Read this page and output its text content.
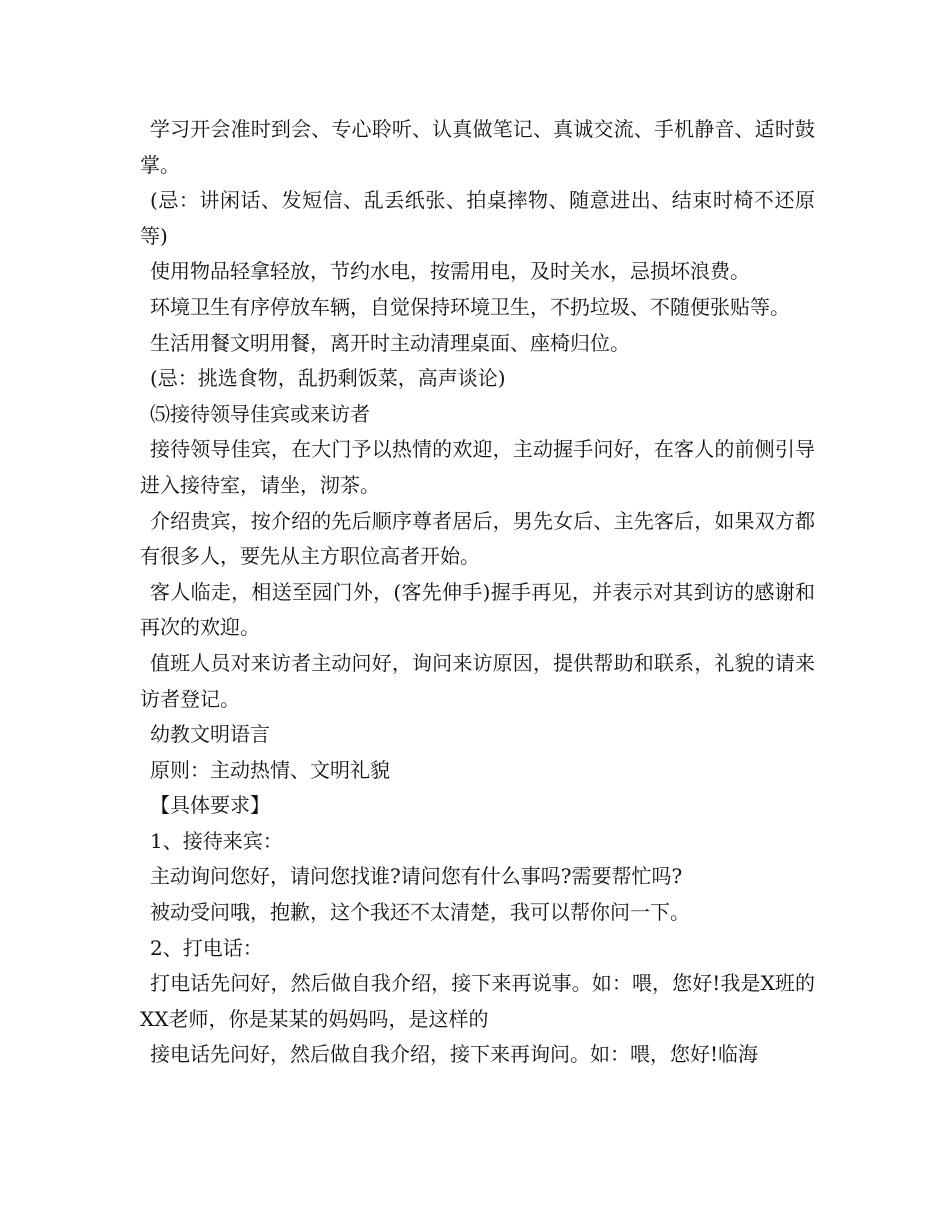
学习开会准时到会、专心聆听、认真做笔记、真诚交流、手机静音、适时鼓掌。

(忌：讲闲话、发短信、乱丢纸张、拍桌摔物、随意进出、结束时椅不还原等)

使用物品轻拿轻放，节约水电，按需用电，及时关水，忌损坏浪费。

环境卫生有序停放车辆，自觉保持环境卫生，不扔垃圾、不随便张贴等。

生活用餐文明用餐，离开时主动清理桌面、座椅归位。

(忌：挑选食物，乱扔剩饭菜，高声谈论)

⑸接待领导佳宾或来访者

接待领导佳宾，在大门予以热情的欢迎，主动握手问好，在客人的前侧引导进入接待室，请坐，沏茶。

介绍贵宾，按介绍的先后顺序尊者居后，男先女后、主先客后，如果双方都有很多人，要先从主方职位高者开始。

客人临走，相送至园门外，(客先伸手)握手再见，并表示对其到访的感谢和再次的欢迎。

值班人员对来访者主动问好，询问来访原因，提供帮助和联系，礼貌的请来访者登记。

幼教文明语言

原则：主动热情、文明礼貌

【具体要求】

1、接待来宾：

主动询问您好，请问您找谁?请问您有什么事吗?需要帮忙吗?

被动受问哦，抱歉，这个我还不太清楚，我可以帮你问一下。

2、打电话：

打电话先问好，然后做自我介绍，接下来再说事。如：喂，您好!我是X班的XX老师，你是某某的妈妈吗，是这样的

接电话先问好，然后做自我介绍，接下来再询问。如：喂，您好!临海
